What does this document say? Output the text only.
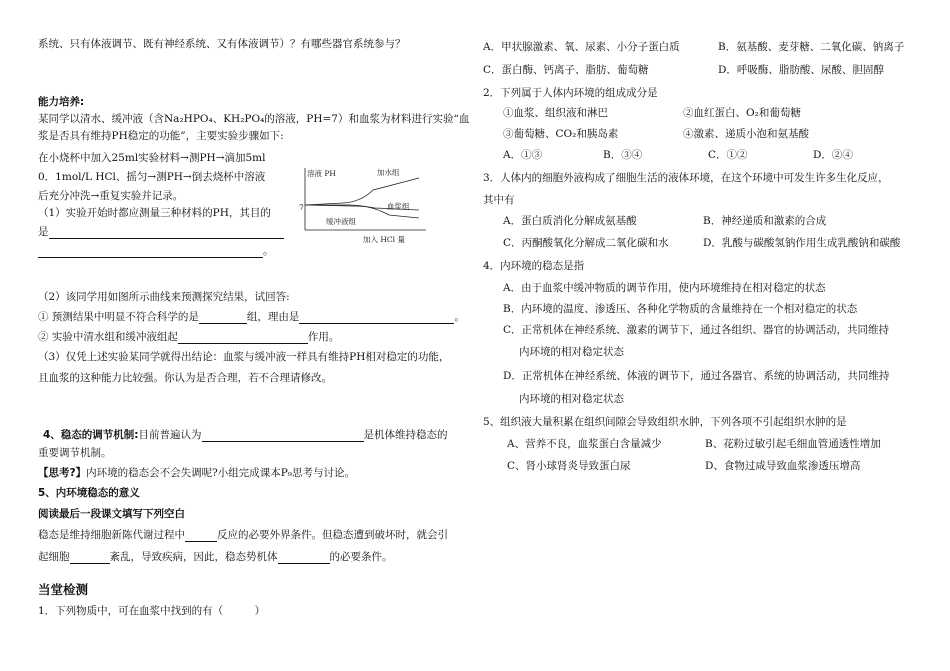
系统、只有体液调节、既有神经系统、又有体液调节）？有哪些器官系统参与？
能力培养:
某同学以清水、缓冲液（含Na₂HPO₄、KH₂PO₄的溶液，PH=7）和血浆为材料进行实验“血
浆是否具有维持PH稳定的功能”，主要实验步骤如下:
在小烧杯中加入25ml实验材料→测PH→滴加5ml
0．1mol/L HCl、摇匀→测PH→倒去烧杯中溶液
后充分冲洗→重复实验并记录。
（1）实验开始时都应测量三种材料的PH，其目的
是
。
溶液 PH
7
加水组
血浆组
缓冲液组
加入 HCl 量
（2）该同学用如图所示曲线来预测探究结果，试回答:
① 预测结果中明显不符合科学的是	组，理由是	。
② 实验中清水组和缓冲液组起	作用。
（3）仅凭上述实验某同学就得出结论：血浆与缓冲液一样具有维持PH相对稳定的功能，
且血浆的这种能力比较强。你认为是否合理，若不合理请修改。
4、稳态的调节机制:目前普遍认为	是机体维持稳态的
重要调节机制。
【思考?】内环境的稳态会不会失调呢?小组完成课本P₉思考与讨论。
5、内环境稳态的意义
阅读最后一段课文填写下列空白
稳态是维持细胞新陈代谢过程中	反应的必要外界条件。但稳态遭到破坏时，就会引
起细胞	紊乱，导致疾病，因此，稳态势机体	的必要条件。
当堂检测
1．下列物质中，可在血浆中找到的有（　　　）
A．甲状腺激素、氧、尿素、小分子蛋白质	B．氨基酸、麦芽糖、二氧化碳、钠离子
C．蛋白酶、钙离子、脂肪、葡萄糖	D．呼吸酶、脂肪酸、尿酸、胆固醇
2．下列属于人体内环境的组成成分是
①血浆、组织液和淋巴	②血红蛋白、O₂和葡萄糖
③葡萄糖、CO₂和胰岛素	④激素、递质小泡和氨基酸
A．①③	B．③④	C．①②	D．②④
3．人体内的细胞外液构成了细胞生活的液体环境，在这个环境中可发生许多生化反应，
其中有
A．蛋白质消化分解成氨基酸	B．神经递质和激素的合成
C．丙酮酸氧化分解成二氧化碳和水	D．乳酸与碳酸氢钠作用生成乳酸钠和碳酸
4．内环境的稳态是指
A．由于血浆中缓冲物质的调节作用，使内环境维持在相对稳定的状态
B．内环境的温度、渗透压、各种化学物质的含量维持在一个相对稳定的状态
C．正常机体在神经系统、激素的调节下，通过各组织、器官的协调活动，共同维持
内环境的相对稳定状态
D．正常机体在神经系统、体液的调节下，通过各器官、系统的协调活动，共同维持
内环境的相对稳定状态
5、组织液大量积累在组织间隙会导致组织水肿，下列各项不引起组织水肿的是
A、营养不良，血浆蛋白含量减少	B、花粉过敏引起毛细血管通透性增加
C、肾小球肾炎导致蛋白尿	D、食物过咸导致血浆渗透压增高
